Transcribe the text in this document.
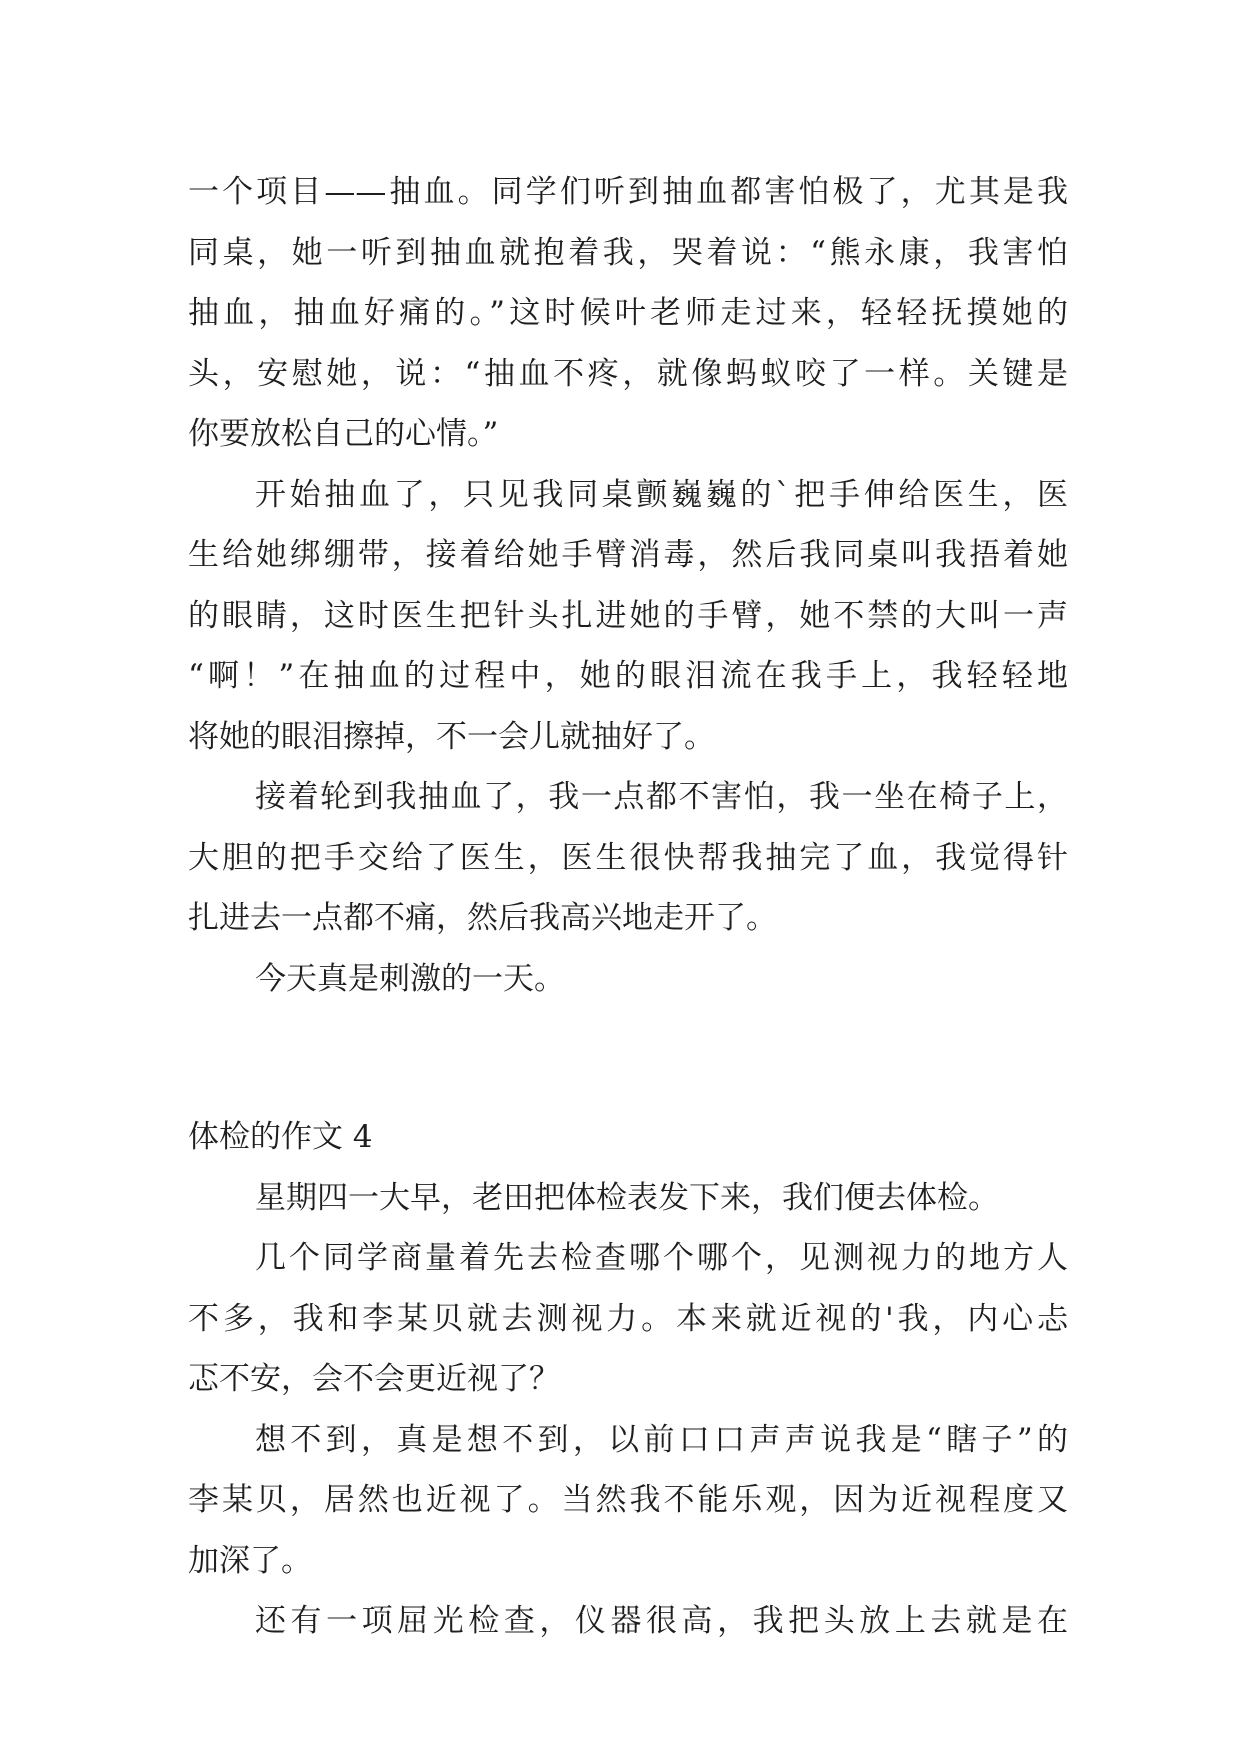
一个项目——抽血。同学们听到抽血都害怕极了，尤其是我
同桌，她一听到抽血就抱着我，哭着说：“熊永康，我害怕
抽血，抽血好痛的。”这时候叶老师走过来，轻轻抚摸她的
头，安慰她，说：“抽血不疼，就像蚂蚁咬了一样。关键是
你要放松自己的心情。”
开始抽血了，只见我同桌颤巍巍的`把手伸给医生，医
生给她绑绷带，接着给她手臂消毒，然后我同桌叫我捂着她
的眼睛，这时医生把针头扎进她的手臂，她不禁的大叫一声
“啊！”在抽血的过程中，她的眼泪流在我手上，我轻轻地
将她的眼泪擦掉，不一会儿就抽好了。
接着轮到我抽血了，我一点都不害怕，我一坐在椅子上，
大胆的把手交给了医生，医生很快帮我抽完了血，我觉得针
扎进去一点都不痛，然后我高兴地走开了。
今天真是刺激的一天。
体检的作文 4
星期四一大早，老田把体检表发下来，我们便去体检。
几个同学商量着先去检查哪个哪个，见测视力的地方人
不多，我和李某贝就去测视力。本来就近视的'我，内心忐
忑不安，会不会更近视了？
想不到，真是想不到，以前口口声声说我是“瞎子”的
李某贝，居然也近视了。当然我不能乐观，因为近视程度又
加深了。
还有一项屈光检查，仪器很高，我把头放上去就是在
